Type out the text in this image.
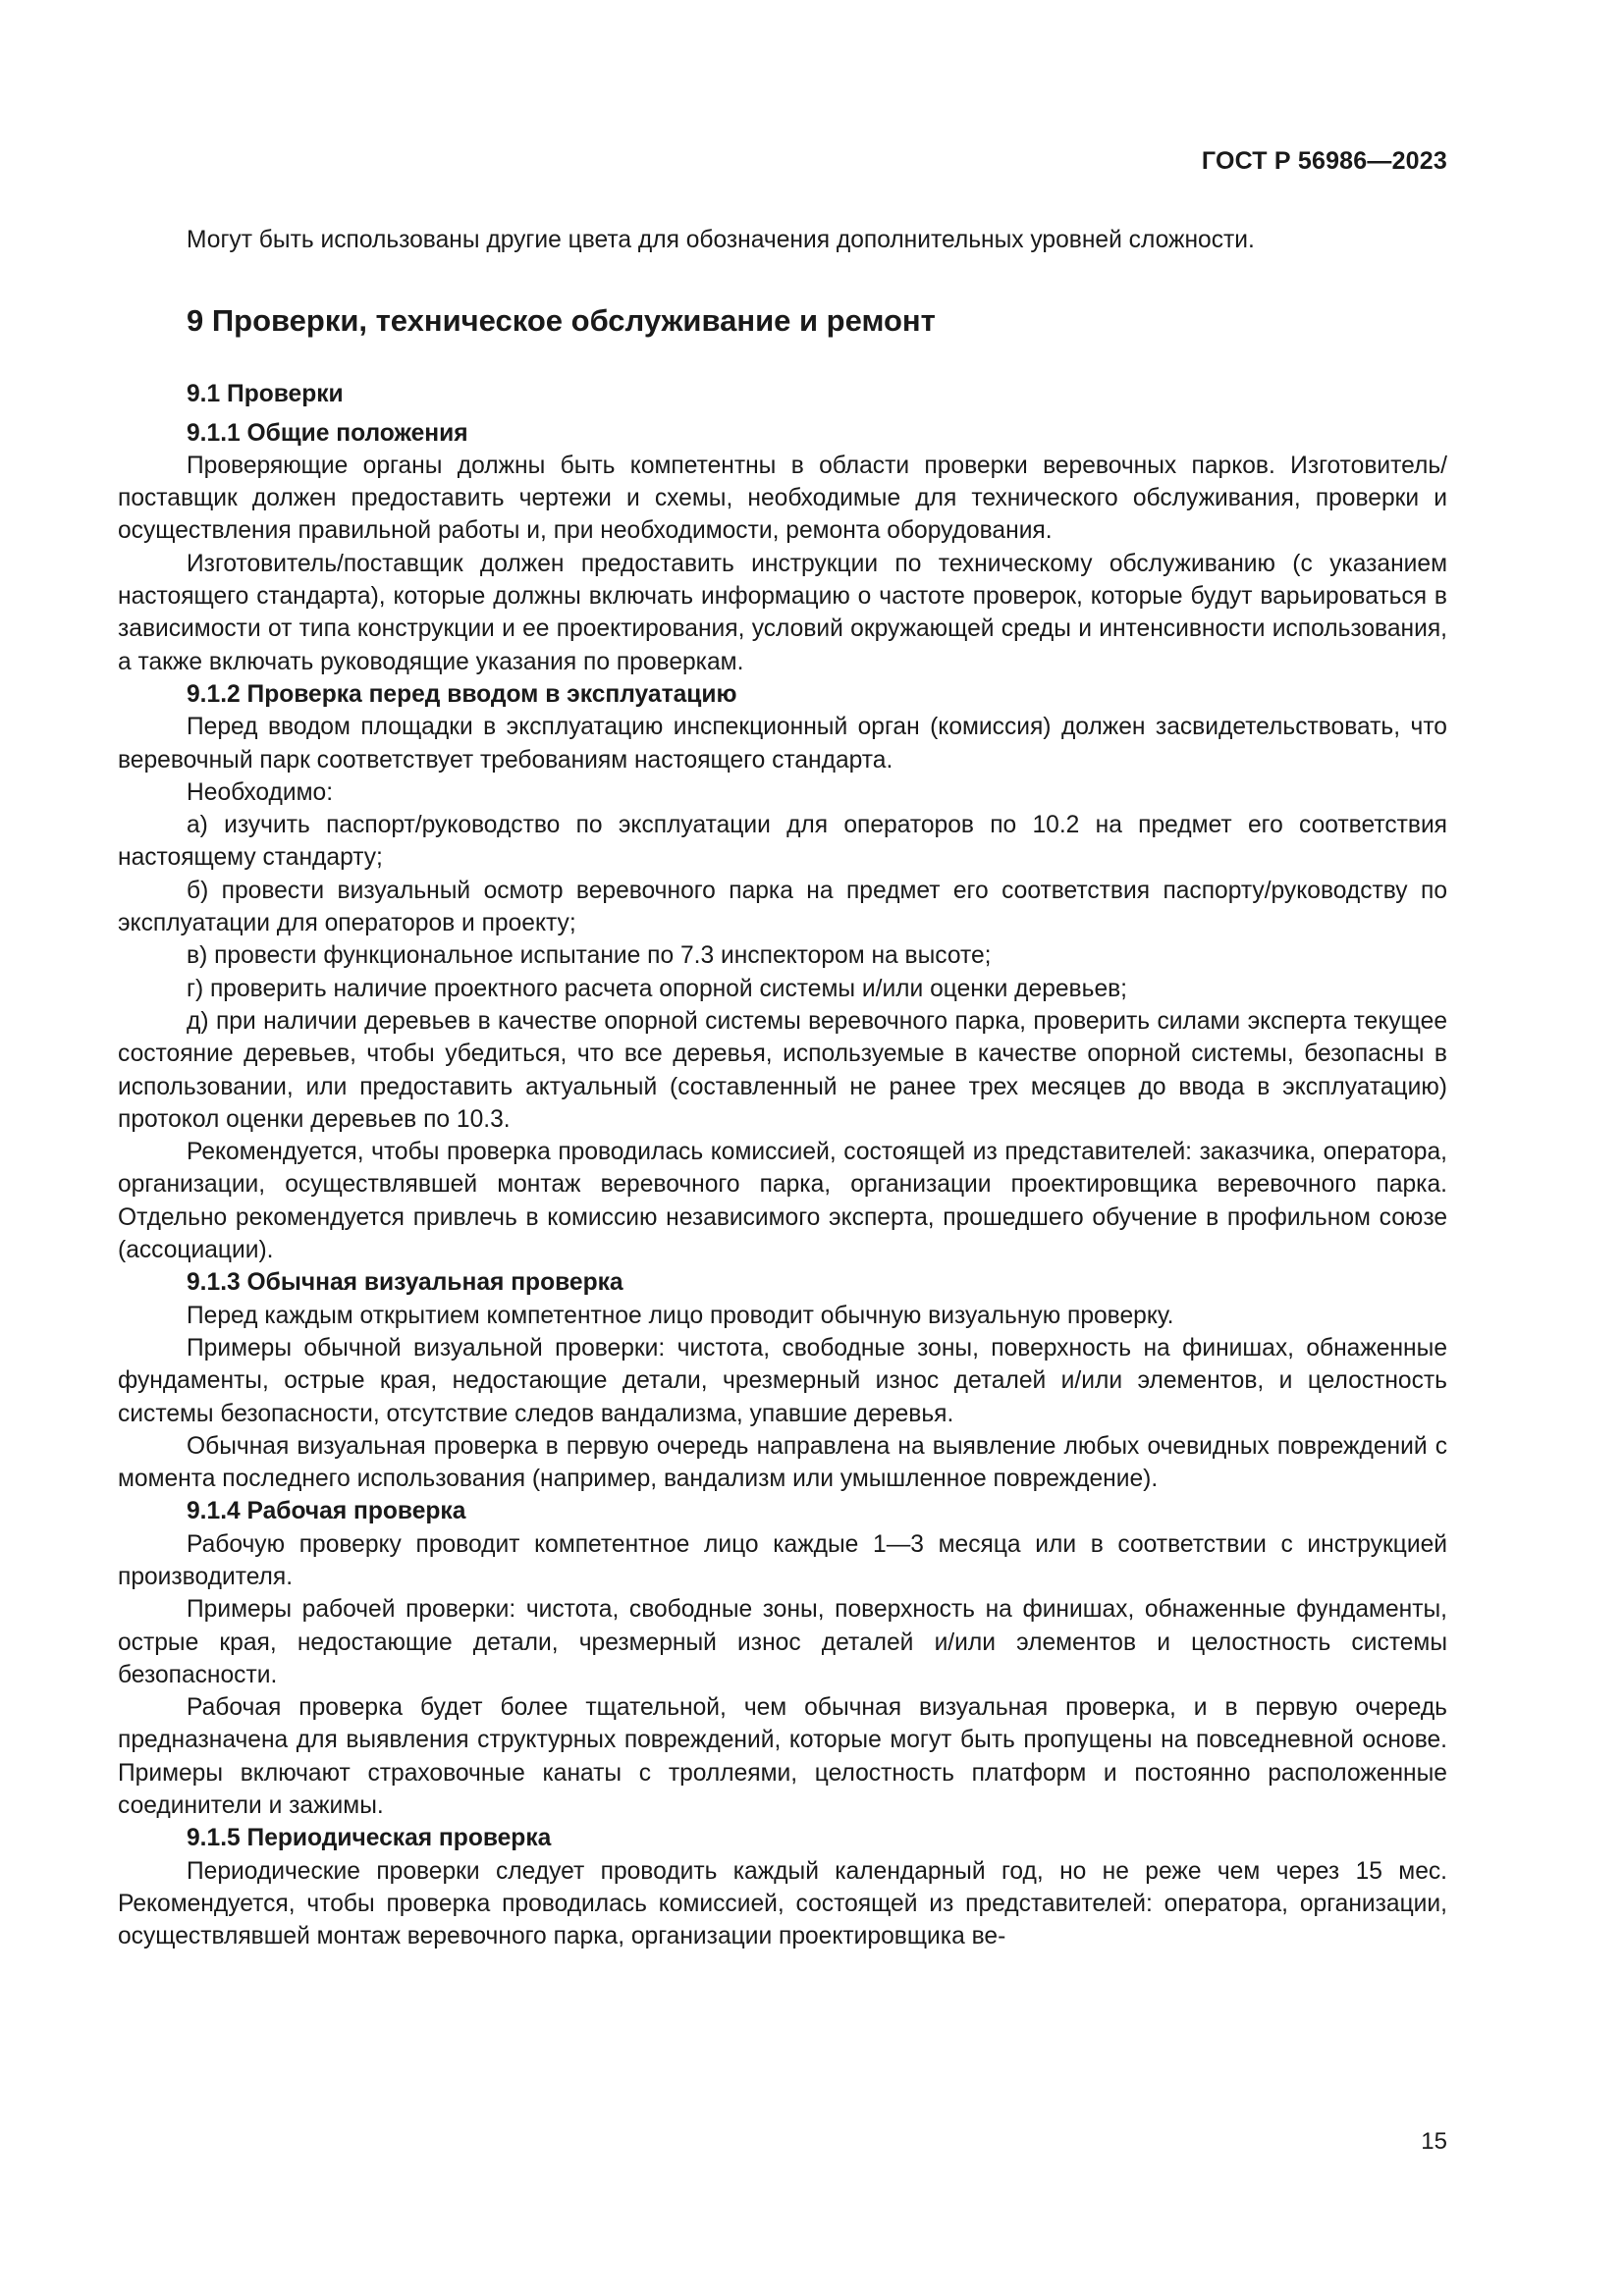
ГОСТ Р 56986—2023

Могут быть использованы другие цвета для обозначения дополнительных уровней сложности.

9 Проверки, техническое обслуживание и ремонт
9.1 Проверки
9.1.1 Общие положения

Проверяющие органы должны быть компетентны в области проверки веревочных парков. Изготовитель/поставщик должен предоставить чертежи и схемы, необходимые для технического обслуживания, проверки и осуществления правильной работы и, при необходимости, ремонта оборудования.

Изготовитель/поставщик должен предоставить инструкции по техническому обслуживанию (с указанием настоящего стандарта), которые должны включать информацию о частоте проверок, которые будут варьироваться в зависимости от типа конструкции и ее проектирования, условий окружающей среды и интенсивности использования, а также включать руководящие указания по проверкам.

9.1.2 Проверка перед вводом в эксплуатацию

Перед вводом площадки в эксплуатацию инспекционный орган (комиссия) должен засвидетельствовать, что веревочный парк соответствует требованиям настоящего стандарта.

Необходимо:

а) изучить паспорт/руководство по эксплуатации для операторов по 10.2 на предмет его соответствия настоящему стандарту;

б) провести визуальный осмотр веревочного парка на предмет его соответствия паспорту/руководству по эксплуатации для операторов и проекту;

в) провести функциональное испытание по 7.3 инспектором на высоте;

г) проверить наличие проектного расчета опорной системы и/или оценки деревьев;

д) при наличии деревьев в качестве опорной системы веревочного парка, проверить силами эксперта текущее состояние деревьев, чтобы убедиться, что все деревья, используемые в качестве опорной системы, безопасны в использовании, или предоставить актуальный (составленный не ранее трех месяцев до ввода в эксплуатацию) протокол оценки деревьев по 10.3.

Рекомендуется, чтобы проверка проводилась комиссией, состоящей из представителей: заказчика, оператора, организации, осуществлявшей монтаж веревочного парка, организации проектировщика веревочного парка. Отдельно рекомендуется привлечь в комиссию независимого эксперта, прошедшего обучение в профильном союзе (ассоциации).

9.1.3 Обычная визуальная проверка

Перед каждым открытием компетентное лицо проводит обычную визуальную проверку.

Примеры обычной визуальной проверки: чистота, свободные зоны, поверхность на финишах, обнаженные фундаменты, острые края, недостающие детали, чрезмерный износ деталей и/или элементов, и целостность системы безопасности, отсутствие следов вандализма, упавшие деревья.

Обычная визуальная проверка в первую очередь направлена на выявление любых очевидных повреждений с момента последнего использования (например, вандализм или умышленное повреждение).

9.1.4 Рабочая проверка

Рабочую проверку проводит компетентное лицо каждые 1—3 месяца или в соответствии с инструкцией производителя.

Примеры рабочей проверки: чистота, свободные зоны, поверхность на финишах, обнаженные фундаменты, острые края, недостающие детали, чрезмерный износ деталей и/или элементов и целостность системы безопасности.

Рабочая проверка будет более тщательной, чем обычная визуальная проверка, и в первую очередь предназначена для выявления структурных повреждений, которые могут быть пропущены на повседневной основе. Примеры включают страховочные канаты с троллеями, целостность платформ и постоянно расположенные соединители и зажимы.

9.1.5 Периодическая проверка

Периодические проверки следует проводить каждый календарный год, но не реже чем через 15 мес. Рекомендуется, чтобы проверка проводилась комиссией, состоящей из представителей: оператора, организации, осуществлявшей монтаж веревочного парка, организации проектировщика ве-

15
